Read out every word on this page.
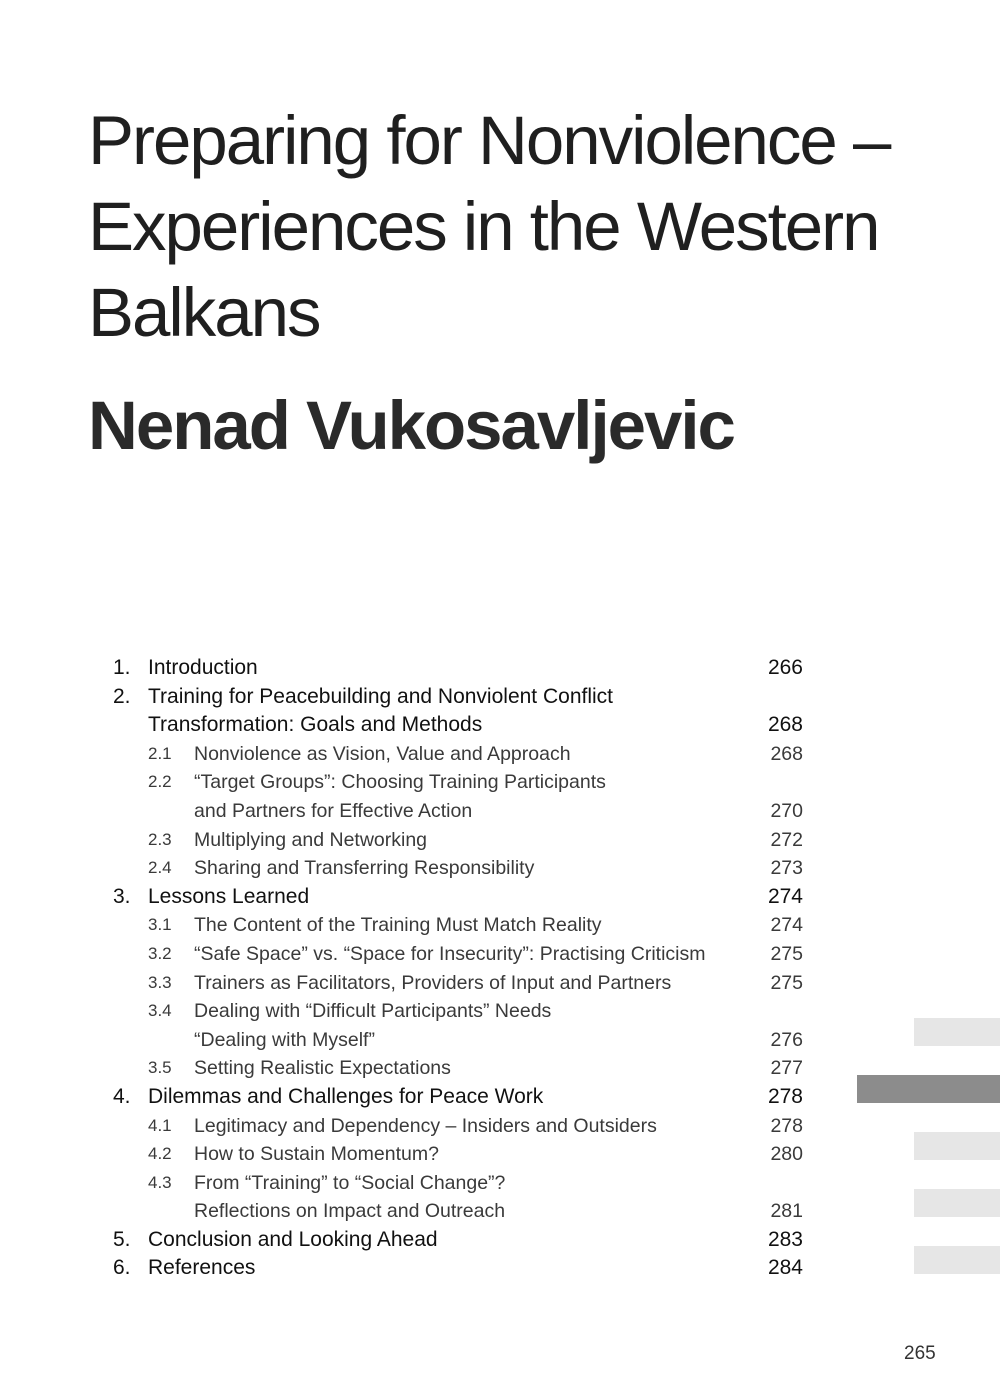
Preparing for Nonviolence –
Experiences in the Western
Balkans
Nenad Vukosavljevic
1. Introduction	266
2. Training for Peacebuilding and Nonviolent Conflict
Transformation: Goals and Methods	268
2.1 Nonviolence as Vision, Value and Approach	268
2.2 “Target Groups”: Choosing Training Participants
and Partners for Effective Action	270
2.3 Multiplying and Networking	272
2.4 Sharing and Transferring Responsibility	273
3. Lessons Learned	274
3.1 The Content of the Training Must Match Reality	274
3.2 “Safe Space” vs. “Space for Insecurity”: Practising Criticism	275
3.3 Trainers as Facilitators, Providers of Input and Partners	275
3.4 Dealing with “Difficult Participants” Needs
“Dealing with Myself”	276
3.5 Setting Realistic Expectations	277
4. Dilemmas and Challenges for Peace Work	278
4.1 Legitimacy and Dependency – Insiders and Outsiders	278
4.2 How to Sustain Momentum?	280
4.3 From “Training” to “Social Change”?
Reflections on Impact and Outreach	281
5. Conclusion and Looking Ahead	283
6. References	284
265
